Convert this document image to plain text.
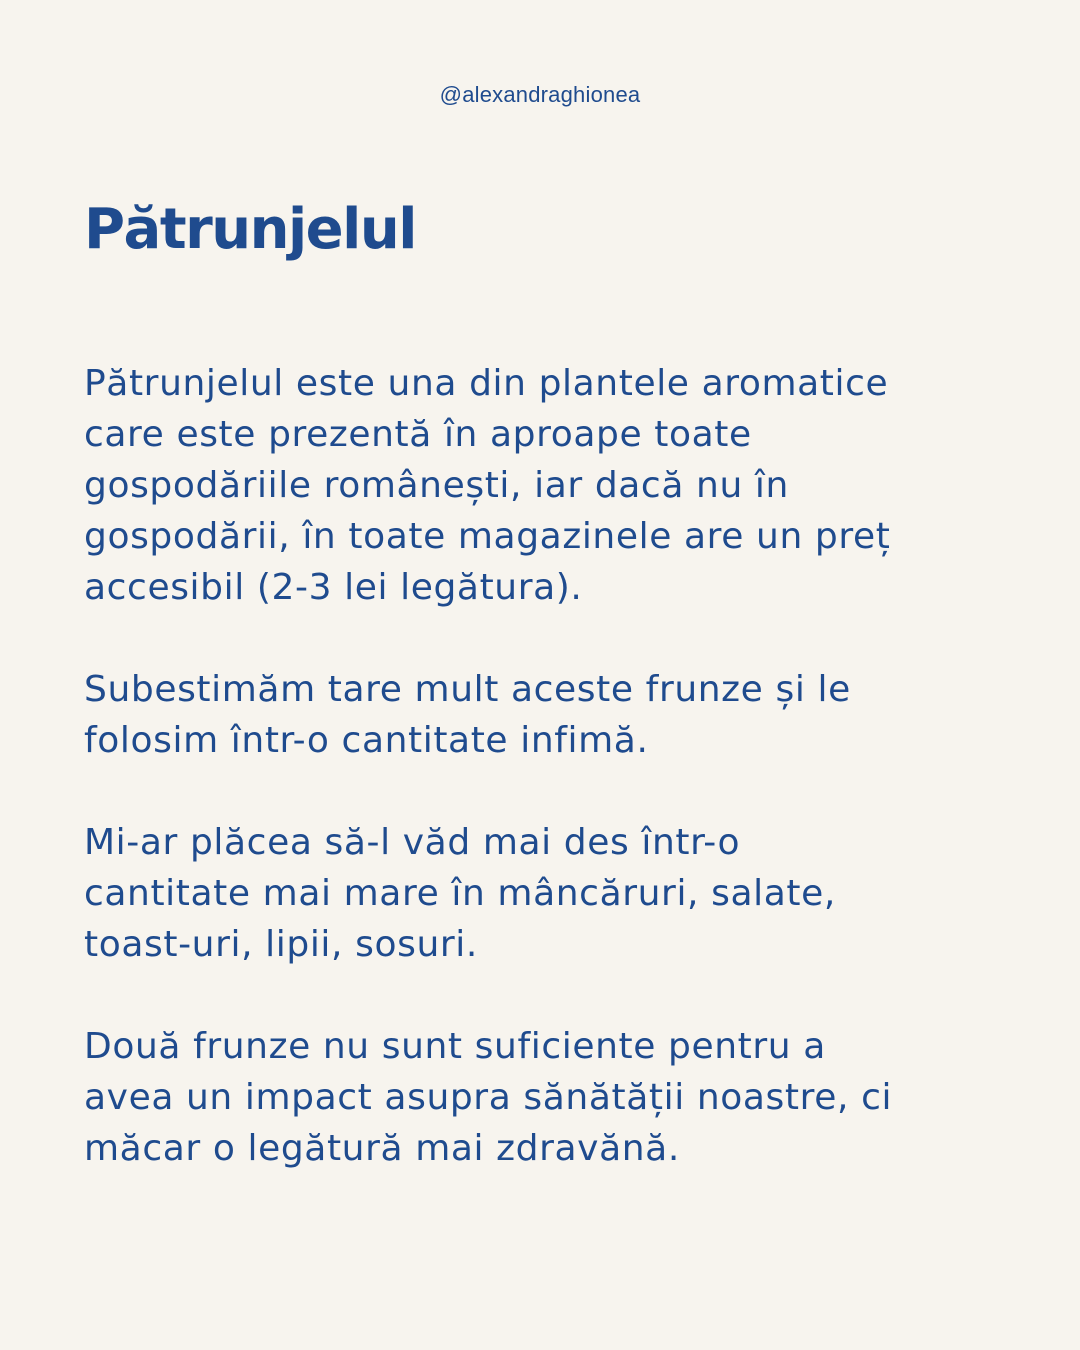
@alexandraghionea
Pătrunjelul

Pătrunjelul este una din plantele aromatice
care este prezentă în aproape toate
gospodăriile românești, iar dacă nu în
gospodării, în toate magazinele are un preț
accesibil (2-3 lei legătura).

Subestimăm tare mult aceste frunze și le
folosim într-o cantitate infimă.

Mi-ar plăcea să-l văd mai des într-o
cantitate mai mare în mâncăruri, salate,
toast-uri, lipii, sosuri.

Două frunze nu sunt suficiente pentru a
avea un impact asupra sănătății noastre, ci
măcar o legătură mai zdravănă.
